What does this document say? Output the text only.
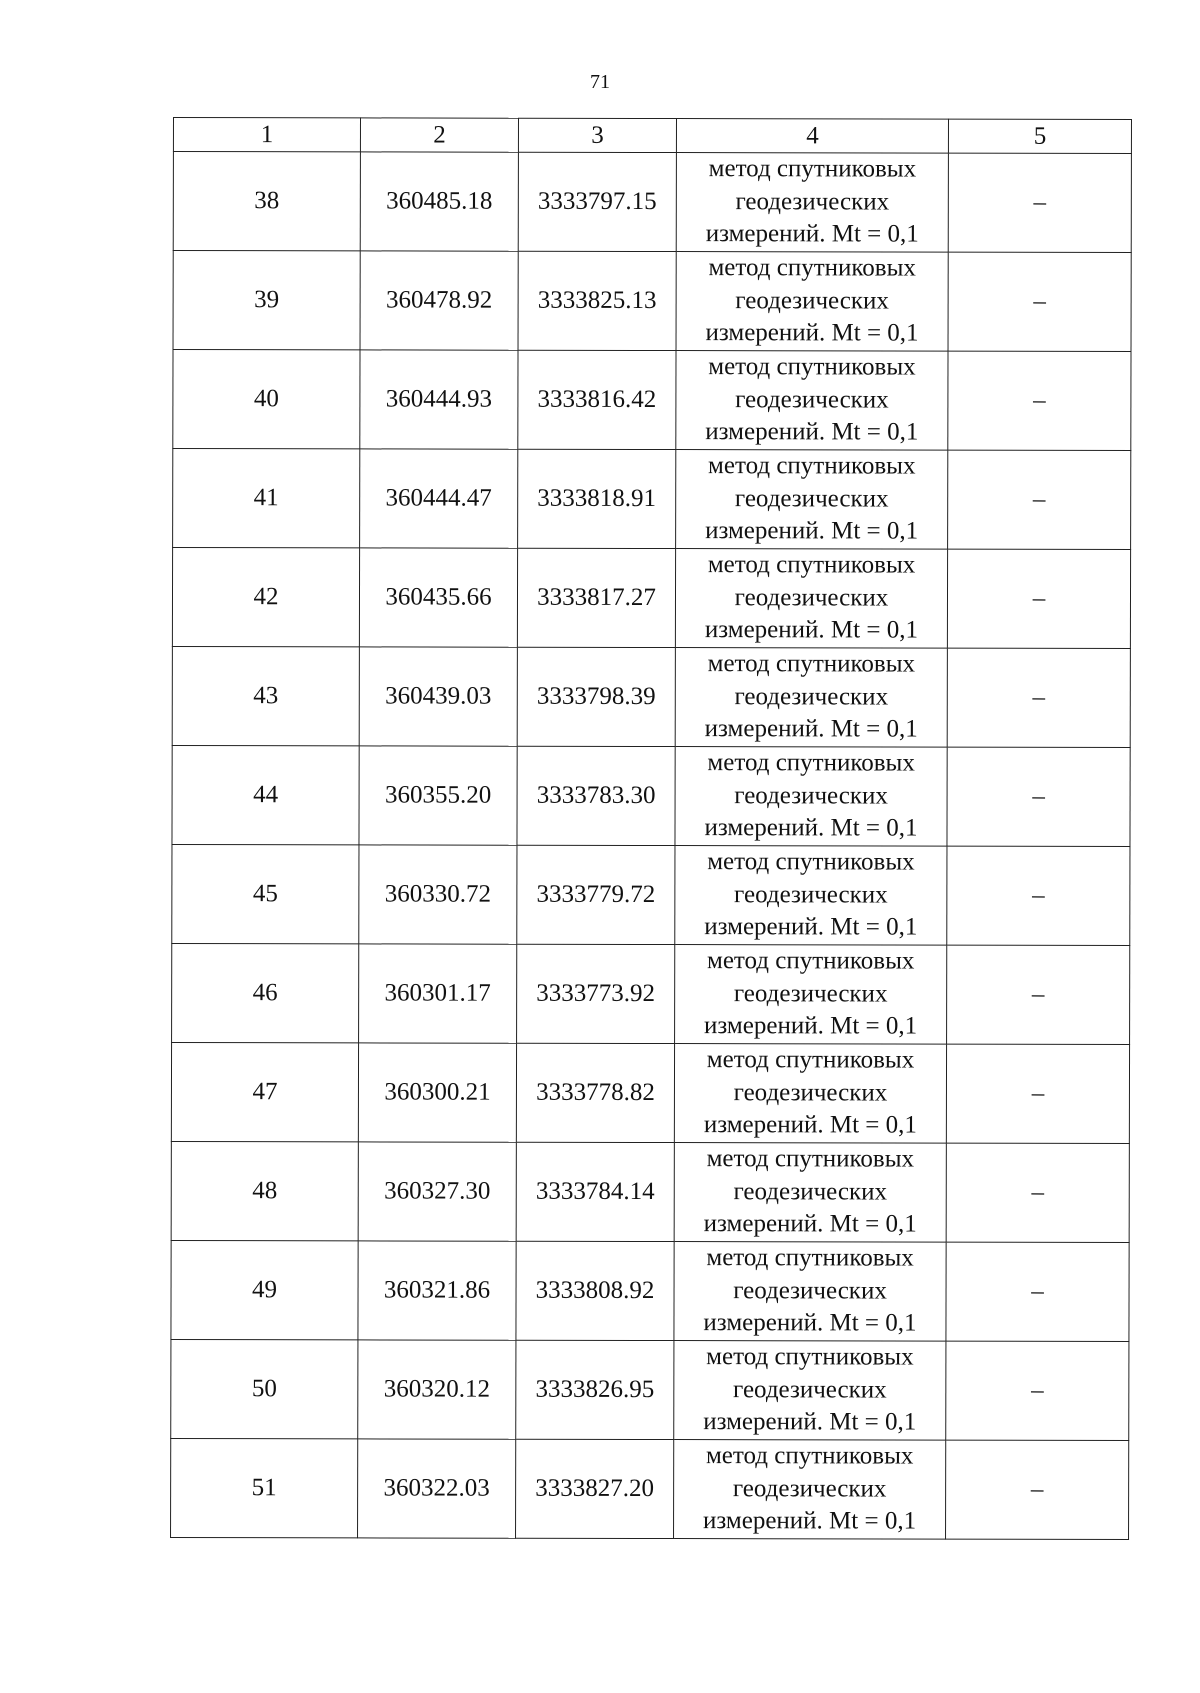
71
1	2	3	4	5
38	360485.18	3333797.15	метод спутниковых
геодезических
измерений. Mt = 0,1	–
39	360478.92	3333825.13	метод спутниковых
геодезических
измерений. Mt = 0,1	–
40	360444.93	3333816.42	метод спутниковых
геодезических
измерений. Mt = 0,1	–
41	360444.47	3333818.91	метод спутниковых
геодезических
измерений. Mt = 0,1	–
42	360435.66	3333817.27	метод спутниковых
геодезических
измерений. Mt = 0,1	–
43	360439.03	3333798.39	метод спутниковых
геодезических
измерений. Mt = 0,1	–
44	360355.20	3333783.30	метод спутниковых
геодезических
измерений. Mt = 0,1	–
45	360330.72	3333779.72	метод спутниковых
геодезических
измерений. Mt = 0,1	–
46	360301.17	3333773.92	метод спутниковых
геодезических
измерений. Mt = 0,1	–
47	360300.21	3333778.82	метод спутниковых
геодезических
измерений. Mt = 0,1	–
48	360327.30	3333784.14	метод спутниковых
геодезических
измерений. Mt = 0,1	–
49	360321.86	3333808.92	метод спутниковых
геодезических
измерений. Mt = 0,1	–
50	360320.12	3333826.95	метод спутниковых
геодезических
измерений. Mt = 0,1	–
51	360322.03	3333827.20	метод спутниковых
геодезических
измерений. Mt = 0,1	–
